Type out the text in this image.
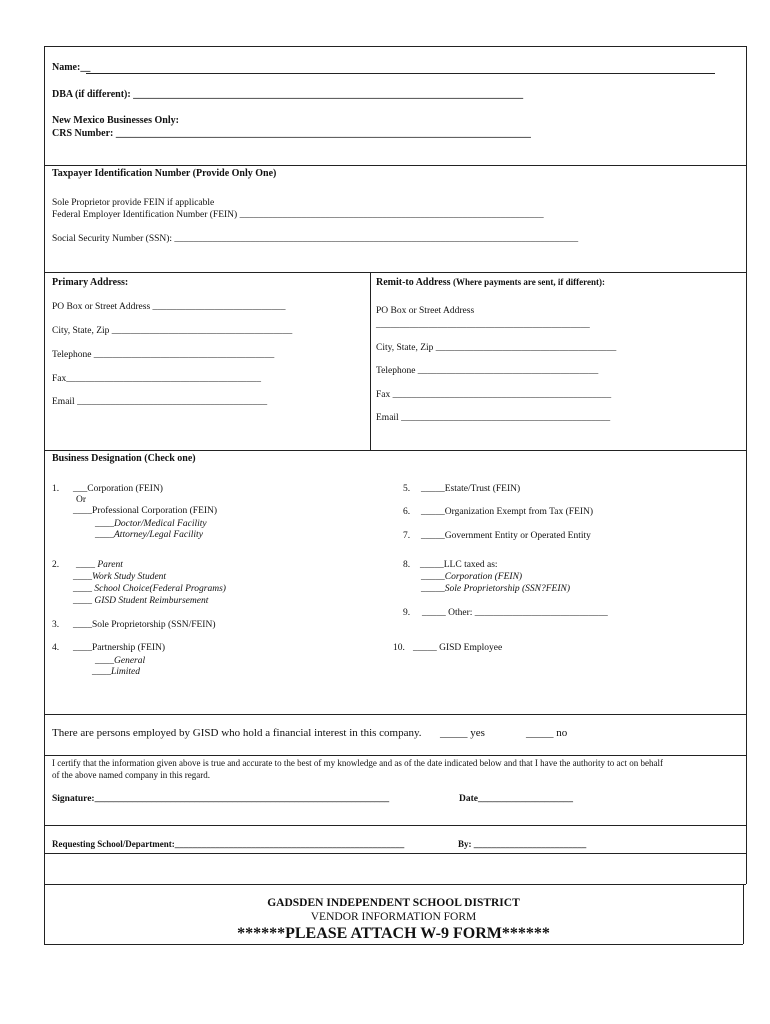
Name:__
DBA (if different): ______________________________________________________________________________
New Mexico Businesses Only:
CRS Number: ___________________________________________________________________________________
Taxpayer Identification Number (Provide Only One)
Sole Proprietor provide FEIN if applicable
Federal Employer Identification Number (FEIN) ________________________________________________________________
Social Security Number (SSN): _____________________________________________________________________________________
Primary Address:
PO Box or Street Address ____________________________
City, State, Zip ______________________________________
Telephone ______________________________________
Fax_________________________________________
Email ________________________________________
Remit-to Address (Where payments are sent, if different):
PO Box or Street Address
_____________________________________________
City, State, Zip ______________________________________
Telephone ______________________________________
Fax ______________________________________________
Email ____________________________________________
Business Designation (Check one)
1. ___Corporation (FEIN)
Or
____Professional Corporation (FEIN)
____Doctor/Medical Facility
____Attorney/Legal Facility
2. ____ Parent
____Work Study Student
____ School Choice(Federal Programs)
____ GISD Student Reimbursement
3. ____Sole Proprietorship (SSN/FEIN)
4. ____Partnership (FEIN)
____General
____Limited
5. _____Estate/Trust (FEIN)
6. _____Organization Exempt from Tax (FEIN)
7. _____Government Entity or Operated Entity
8. _____LLC taxed as:
_____Corporation (FEIN)
_____Sole Proprietorship (SSN?FEIN)
9. _____ Other: ____________________________
10. _____ GISD Employee
There are persons employed by GISD who hold a financial interest in this company. _____ yes	_____ no
I certify that the information given above is true and accurate to the best of my knowledge and as of the date indicated below and that I have the authority to act on behalf
of the above named company in this regard.
Signature:______________________________________________________________	Date____________________
Requesting School/Department:___________________________________________________	By: _________________________
GADSDEN INDEPENDENT SCHOOL DISTRICT
VENDOR INFORMATION FORM
******PLEASE ATTACH W-9 FORM******
